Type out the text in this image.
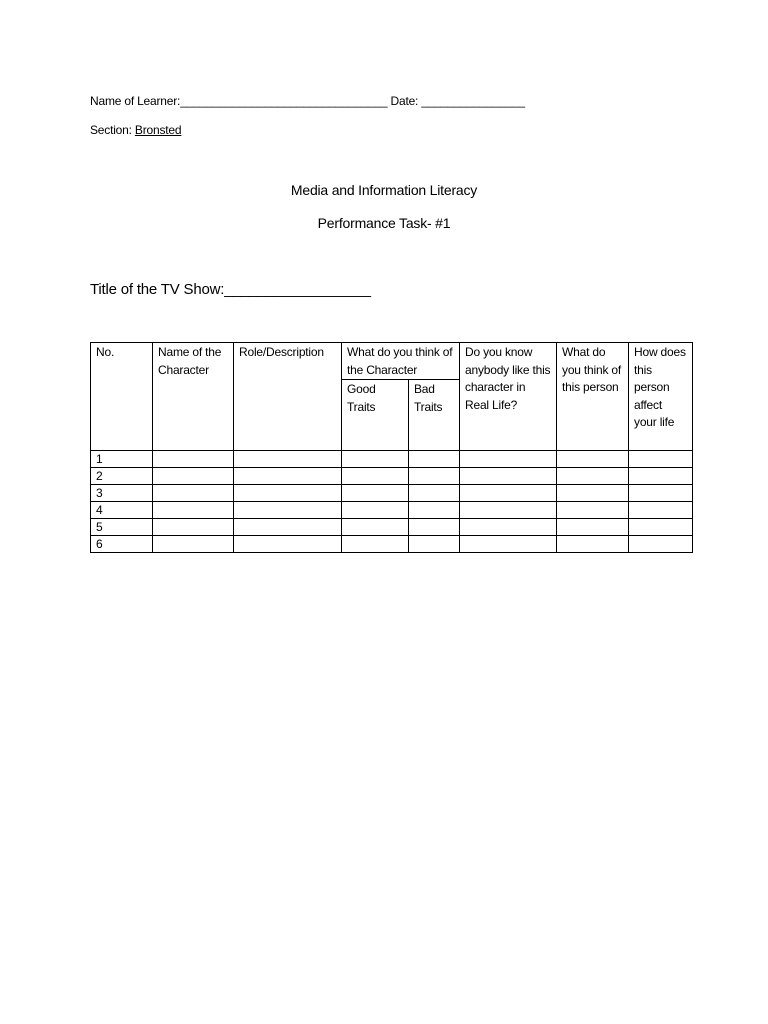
Name of Learner:________________________________ Date: ________________
Section: Bronsted
Media and Information Literacy
Performance Task- #1
Title of the TV Show:__________________
No.	Name of the Character	Role/Description	What do you think of the Character		Do you know anybody like this character in Real Life?	What do you think of this person	How does this person affect your life
			Good Traits	Bad Traits			
1							
2							
3							
4							
5							
6							
